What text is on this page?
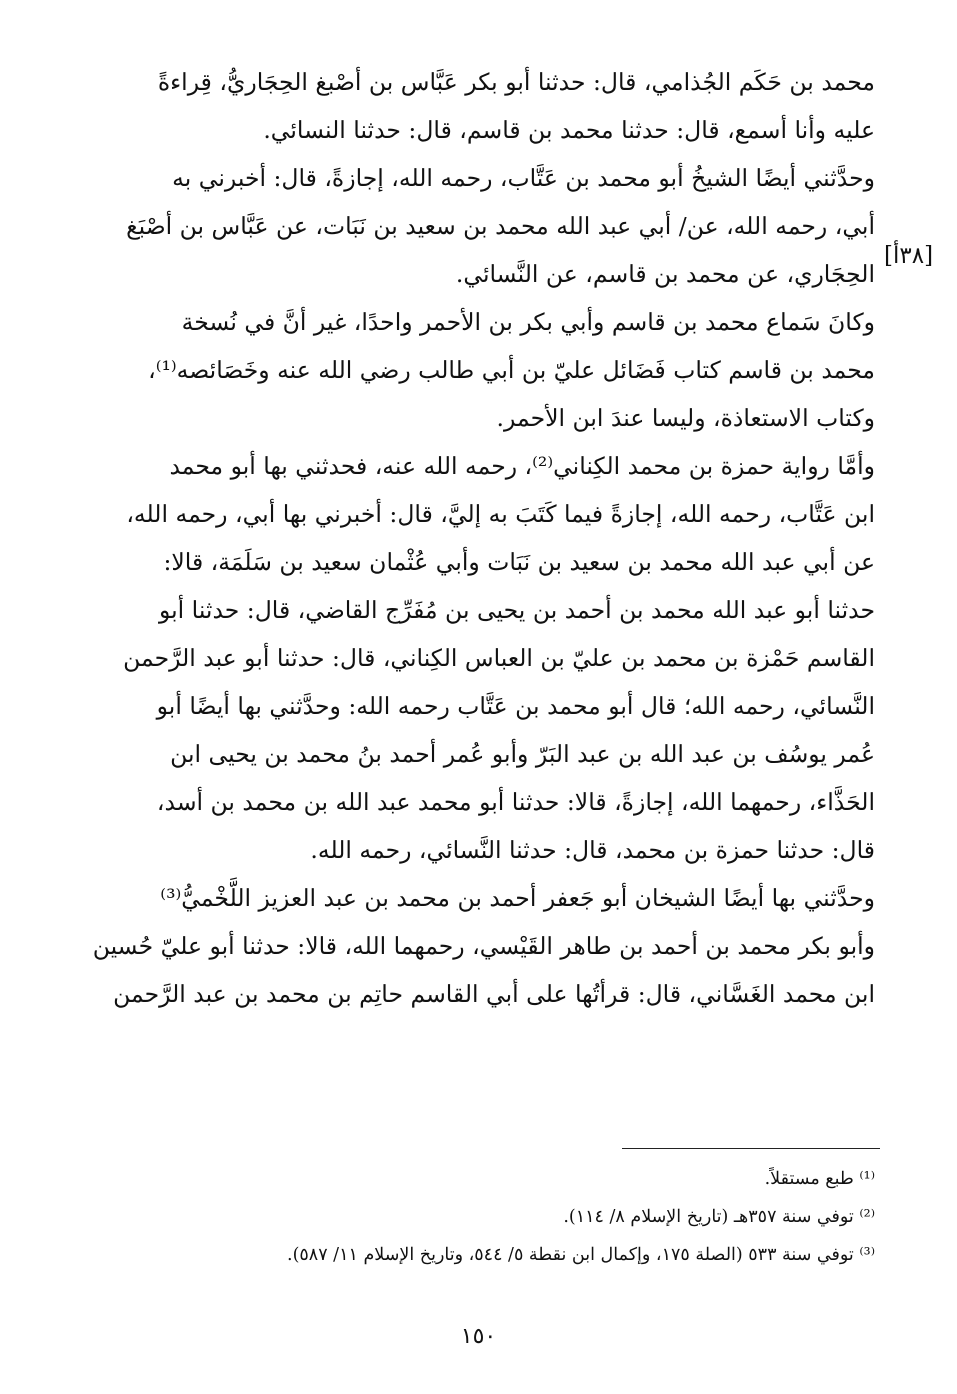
[٣٨أ]
محمد بن حَكَم الجُذامي، قال: حدثنا أبو بكر عَبَّاس بن أصْبغ الحِجَاريُّ، قِراءةً
عليه وأنا أسمع، قال: حدثنا محمد بن قاسم، قال: حدثنا النسائي.
وحدَّثني أيضًا الشيخُ أبو محمد بن عَتَّاب، رحمه الله، إجازةً، قال: أخبرني به
أبي، رحمه الله، عن/ أبي عبد الله محمد بن سعيد بن نَبَات، عن عَبَّاس بن أصْبَغ
الحِجَاري، عن محمد بن قاسم، عن النَّسائي.
وكانَ سَماع محمد بن قاسم وأبي بكر بن الأحمر واحدًا، غير أنَّ في نُسخة
محمد بن قاسم كتاب فَضَائل عليّ بن أبي طالب رضي الله عنه وخَصَائصه⁽¹⁾،
وكتاب الاستعاذة، وليسا عندَ ابن الأحمر.
وأمَّا رواية حمزة بن محمد الكِناني⁽²⁾، رحمه الله عنه، فحدثني بها أبو محمد
ابن عَتَّاب، رحمه الله، إجازةً فيما كَتَبَ به إليَّ، قال: أخبرني بها أبي، رحمه الله،
عن أبي عبد الله محمد بن سعيد بن نَبَات وأبي عُثْمان سعيد بن سَلَمَة، قالا:
حدثنا أبو عبد الله محمد بن أحمد بن يحيى بن مُفَرِّج القاضي، قال: حدثنا أبو
القاسم حَمْزة بن محمد بن عليّ بن العباس الكِناني، قال: حدثنا أبو عبد الرَّحمن
النَّسائي، رحمه الله؛ قال أبو محمد بن عَتَّاب رحمه الله: وحدَّثني بها أيضًا أبو
عُمر يوسُف بن عبد الله بن عبد البَرّ وأبو عُمر أحمد بنُ محمد بن يحيى ابن
الحَذَّاء، رحمهما الله، إجازةً، قالا: حدثنا أبو محمد عبد الله بن محمد بن أسد،
قال: حدثنا حمزة بن محمد، قال: حدثنا النَّسائي، رحمه الله.
وحدَّثني بها أيضًا الشيخان أبو جَعفر أحمد بن محمد بن عبد العزيز اللَّخْميُّ⁽³⁾
وأبو بكر محمد بن أحمد بن طاهر القَيْسي، رحمهما الله، قالا: حدثنا أبو عليّ حُسين
ابن محمد الغَسَّاني، قال: قرأتُها على أبي القاسم حاتِم بن محمد بن عبد الرَّحمن
⁽¹⁾ طبع مستقلاً.
⁽²⁾ توفي سنة ٣٥٧هـ (تاريخ الإسلام ٨/ ١١٤).
⁽³⁾ توفي سنة ٥٣٣ (الصلة ١٧٥، وإكمال ابن نقطة ٥/ ٥٤٤، وتاريخ الإسلام ١١/ ٥٨٧).
١٥٠
